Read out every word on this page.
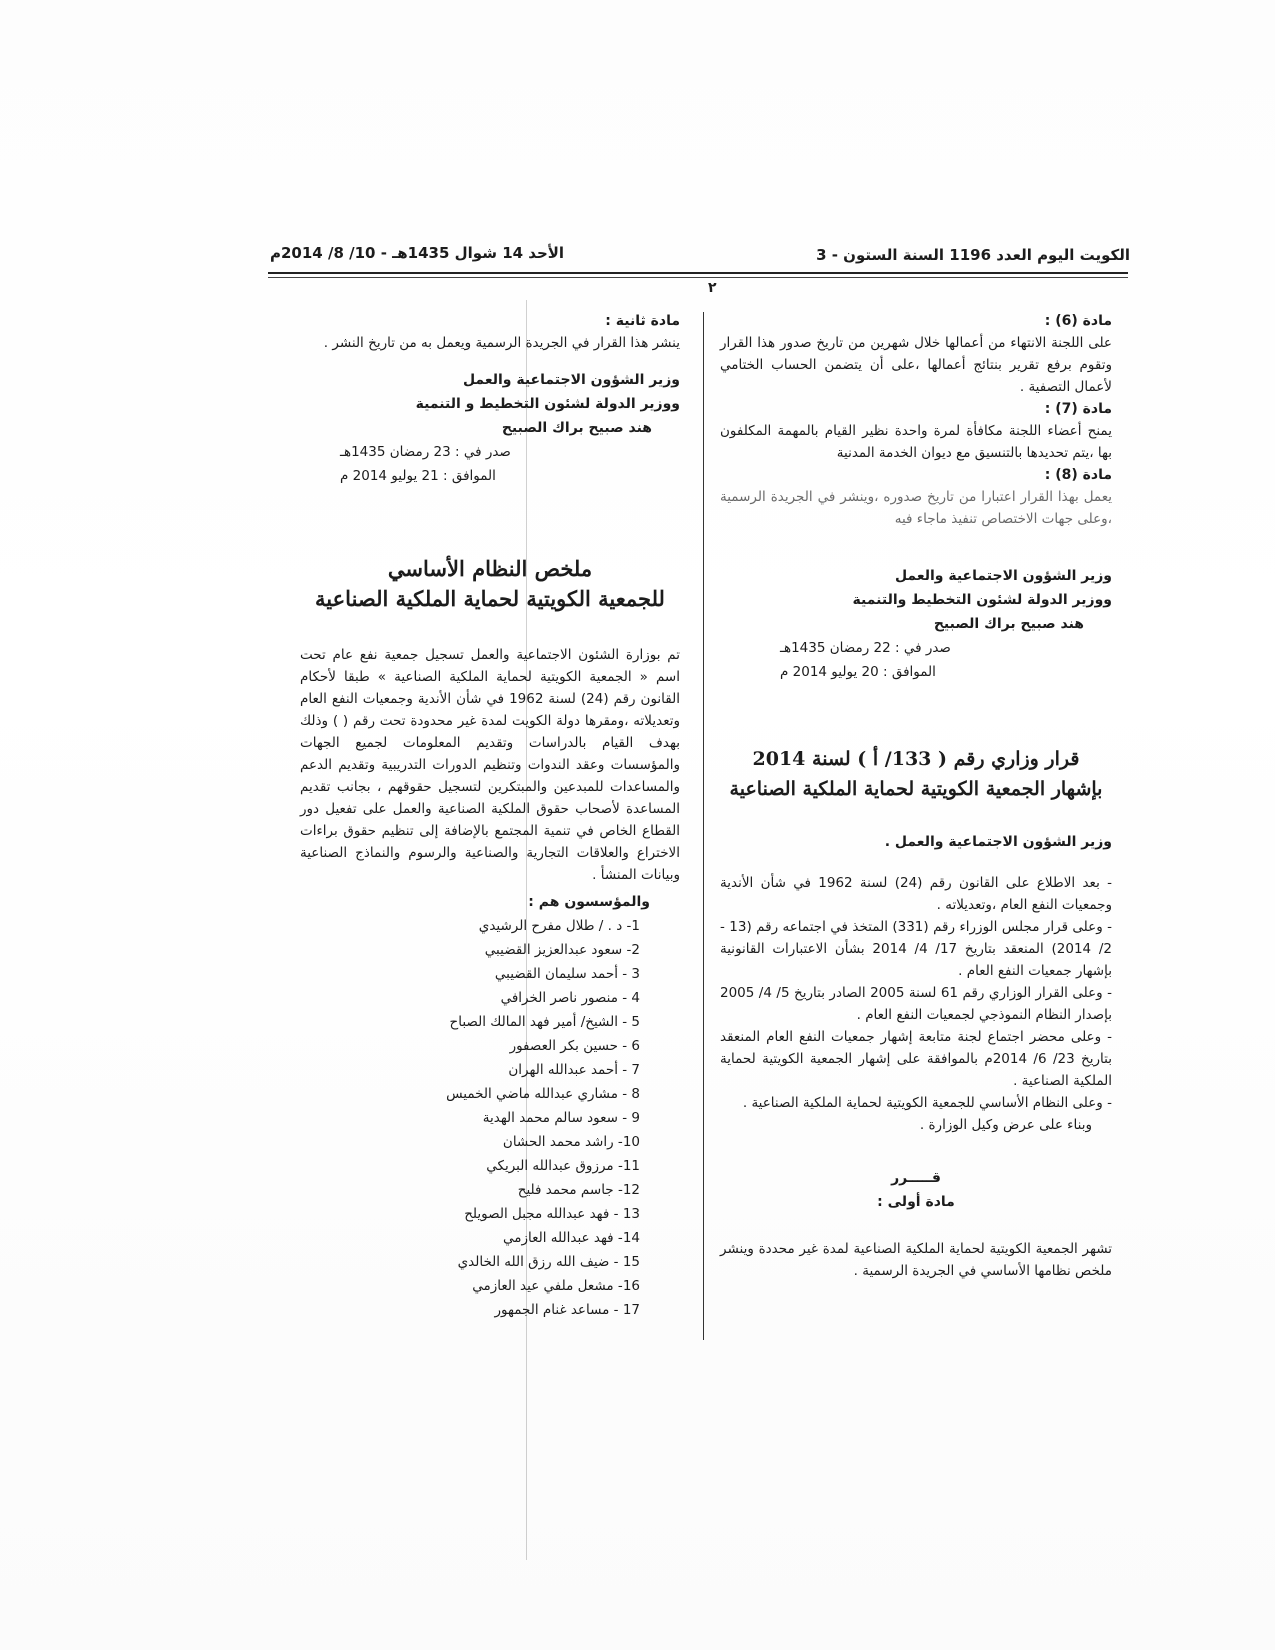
الكويت اليوم العدد 1196 السنة الستون - 3
الأحد 14 شوال 1435هـ - 10/ 8/ 2014م
٢

مادة (6) :

على اللجنة الانتهاء من أعمالها خلال شهرين من تاريخ صدور هذا القرار وتقوم برفع تقرير بنتائج أعمالها ،على أن يتضمن الحساب الختامي لأعمال التصفية .

مادة (7) :

يمنح أعضاء اللجنة مكافأة لمرة واحدة نظير القيام بالمهمة المكلفون بها ،يتم تحديدها بالتنسيق مع ديوان الخدمة المدنية

مادة (8) :

يعمل بهذا القرار اعتبارا من تاريخ صدوره ،وينشر في الجريدة الرسمية ،وعلى جهات الاختصاص تنفيذ ماجاء فيه

وزير الشؤون الاجتماعية والعمل

ووزير الدولة لشئون التخطيط والتنمية

هند صبيح براك الصبيح

صدر في : 22 رمضان 1435هـ

الموافق : 20 يوليو 2014 م

قرار وزاري رقم ( 133/ أ ) لسنة 2014

بإشهار الجمعية الكويتية لحماية الملكية الصناعية

وزير الشؤون الاجتماعية والعمل .

- بعد الاطلاع على القانون رقم (24) لسنة 1962 في شأن الأندية وجمعيات النفع العام ،وتعديلاته .

- وعلى قرار مجلس الوزراء رقم (331) المتخذ في اجتماعه رقم (13 - 2/ 2014) المنعقد بتاريخ 17/ 4/ 2014 بشأن الاعتبارات القانونية بإشهار جمعيات النفع العام .

- وعلى القرار الوزاري رقم 61 لسنة 2005 الصادر بتاريخ 5/ 4/ 2005 بإصدار النظام النموذجي لجمعيات النفع العام .

- وعلى محضر اجتماع لجنة متابعة إشهار جمعيات النفع العام المنعقد بتاريخ 23/ 6/ 2014م بالموافقة على إشهار الجمعية الكويتية لحماية الملكية الصناعية .

- وعلى النظام الأساسي للجمعية الكويتية لحماية الملكية الصناعية .

وبناء على عرض وكيل الوزارة .

قـــــرر

مادة أولى :

تشهر الجمعية الكويتية لحماية الملكية الصناعية لمدة غير محددة وينشر ملخص نظامها الأساسي في الجريدة الرسمية .

مادة ثانية :

ينشر هذا القرار في الجريدة الرسمية ويعمل به من تاريخ النشر .

وزير الشؤون الاجتماعية والعمل

ووزير الدولة لشئون التخطيط و التنمية

هند صبيح براك الصبيح

صدر في : 23 رمضان 1435هـ

الموافق : 21 يوليو 2014 م

ملخص النظام الأساسي

للجمعية الكويتية لحماية الملكية الصناعية

تم بوزارة الشئون الاجتماعية والعمل تسجيل جمعية نفع عام تحت اسم « الجمعية الكويتية لحماية الملكية الصناعية » طبقا لأحكام القانون رقم (24) لسنة 1962 في شأن الأندية وجمعيات النفع العام وتعديلاته ،ومقرها دولة الكويت لمدة غير محدودة تحت رقم ( ) وذلك بهدف القيام بالدراسات وتقديم المعلومات لجميع الجهات والمؤسسات وعقد الندوات وتنظيم الدورات التدريبية وتقديم الدعم والمساعدات للمبدعين والمبتكرين لتسجيل حقوقهم ، بجانب تقديم المساعدة لأصحاب حقوق الملكية الصناعية والعمل على تفعيل دور القطاع الخاص في تنمية المجتمع بالإضافة إلى تنظيم حقوق براءات الاختراع والعلاقات التجارية والصناعية والرسوم والنماذج الصناعية وبيانات المنشأ .

والمؤسسون هم :

1- د . / طلال مفرح الرشيدي
2- سعود عبدالعزيز القضيبي
3 - أحمد سليمان القضيبي
4 - منصور ناصر الخرافي
5 - الشيخ/ أمير فهد المالك الصباح
6 - حسين بكر العصفور
7 - أحمد عبدالله الهران
8 - مشاري عبدالله ماضي الخميس
9 - سعود سالم محمد الهدية
10- راشد محمد الحشان
11- مرزوق عبدالله البريكي
12- جاسم محمد فليح
13 - فهد عبدالله مجبل الصويلح
14- فهد عبدالله العازمي
15 - ضيف الله رزق الله الخالدي
16- مشعل ملفي عيد العازمي
17 - مساعد غنام الجمهور
